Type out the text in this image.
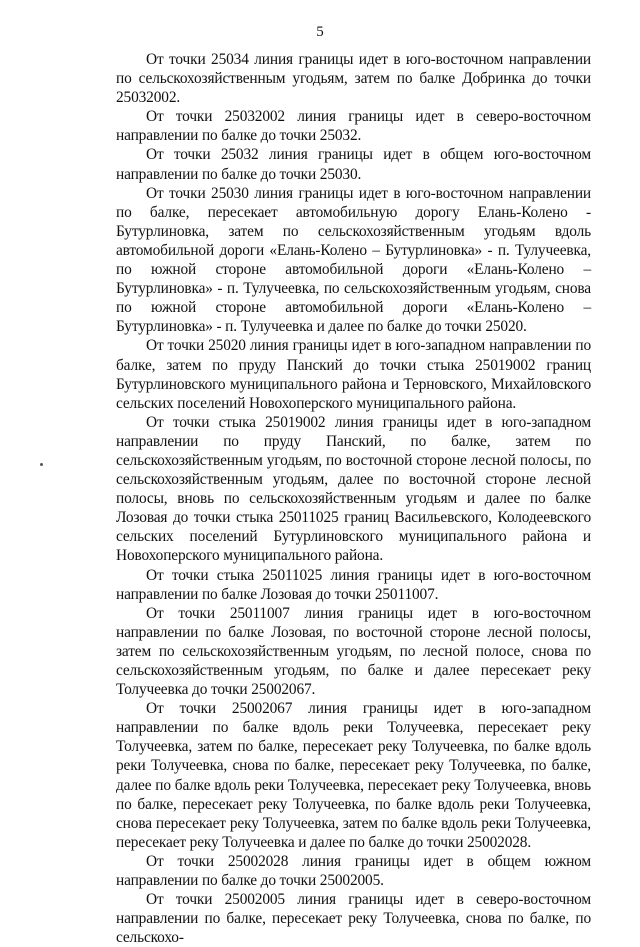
5

От точки 25034 линия границы идет в юго-восточном направлении по сельскохозяйственным угодьям, затем по балке Добринка до точки 25032002.

От точки 25032002 линия границы идет в северо-восточном направлении по балке до точки 25032.

От точки 25032 линия границы идет в общем юго-восточном направлении по балке до точки 25030.

От точки 25030 линия границы идет в юго-восточном направлении по балке, пересекает автомобильную дорогу Елань-Колено - Бутурлиновка, затем по сельскохозяйственным угодьям вдоль автомобильной дороги «Елань-Колено – Бутурлиновка» - п. Тулучеевка, по южной стороне автомобильной дороги «Елань-Колено – Бутурлиновка» - п. Тулучеевка, по сельскохозяйственным угодьям, снова по южной стороне автомобильной дороги «Елань-Колено – Бутурлиновка» - п. Тулучеевка и далее по балке до точки 25020.

От точки 25020 линия границы идет в юго-западном направлении по балке, затем по пруду Панский до точки стыка 25019002 границ Бутурлиновского муниципального района и Терновского, Михайловского сельских поселений Новохоперского муниципального района.

От точки стыка 25019002 линия границы идет в юго-западном направлении по пруду Панский, по балке, затем по сельскохозяйственным угодьям, по восточной стороне лесной полосы, по сельскохозяйственным угодьям, далее по восточной стороне лесной полосы, вновь по сельскохозяйственным угодьям и далее по балке Лозовая до точки стыка 25011025 границ Васильевского, Колодеевского сельских поселений Бутурлиновского муниципального района и Новохоперского муниципального района.

От точки стыка 25011025 линия границы идет в юго-восточном направлении по балке Лозовая до точки 25011007.

От точки 25011007 линия границы идет в юго-восточном направлении по балке Лозовая, по восточной стороне лесной полосы, затем по сельскохозяйственным угодьям, по лесной полосе, снова по сельскохозяйственным угодьям, по балке и далее пересекает реку Толучеевка до точки 25002067.

От точки 25002067 линия границы идет в юго-западном направлении по балке вдоль реки Толучеевка, пересекает реку Толучеевка, затем по балке, пересекает реку Толучеевка, по балке вдоль реки Толучеевка, снова по балке, пересекает реку Толучеевка, по балке, далее по балке вдоль реки Толучеевка, пересекает реку Толучеевка, вновь по балке, пересекает реку Толучеевка, по балке вдоль реки Толучеевка, снова пересекает реку Толучеевка, затем по балке вдоль реки Толучеевка, пересекает реку Толучеевка и далее по балке до точки 25002028.

От точки 25002028 линия границы идет в общем южном направлении по балке до точки 25002005.

От точки 25002005 линия границы идет в северо-восточном направлении по балке, пересекает реку Толучеевка, снова по балке, по сельскохо-
